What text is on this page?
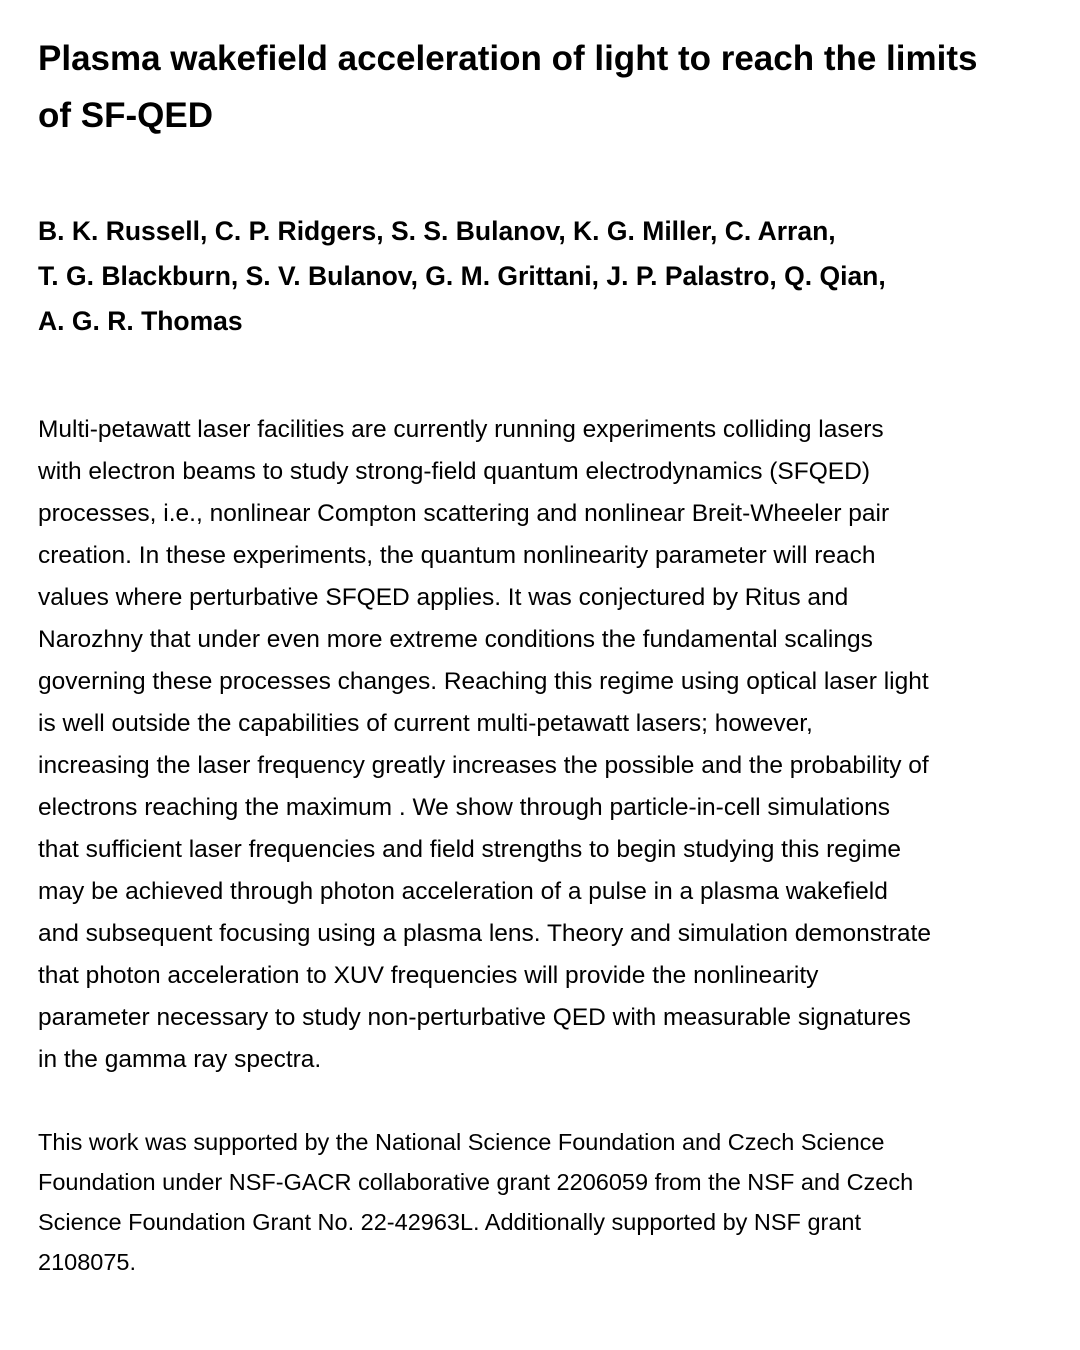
Plasma wakefield acceleration of light to reach the limits
of SF-QED
B. K. Russell, C. P. Ridgers, S. S. Bulanov, K. G. Miller, C. Arran,
T. G. Blackburn, S. V. Bulanov, G. M. Grittani, J. P. Palastro, Q. Qian,
A. G. R. Thomas

Multi-petawatt laser facilities are currently running experiments colliding lasers
with electron beams to study strong-field quantum electrodynamics (SFQED)
processes, i.e., nonlinear Compton scattering and nonlinear Breit-Wheeler pair
creation. In these experiments, the quantum nonlinearity parameter will reach
values where perturbative SFQED applies. It was conjectured by Ritus and
Narozhny that under even more extreme conditions the fundamental scalings
governing these processes changes. Reaching this regime using optical laser light
is well outside the capabilities of current multi-petawatt lasers; however,
increasing the laser frequency greatly increases the possible and the probability of
electrons reaching the maximum . We show through particle-in-cell simulations
that sufficient laser frequencies and field strengths to begin studying this regime
may be achieved through photon acceleration of a pulse in a plasma wakefield
and subsequent focusing using a plasma lens. Theory and simulation demonstrate
that photon acceleration to XUV frequencies will provide the nonlinearity
parameter necessary to study non-perturbative QED with measurable signatures
in the gamma ray spectra.

This work was supported by the National Science Foundation and Czech Science
Foundation under NSF-GACR collaborative grant 2206059 from the NSF and Czech
Science Foundation Grant No. 22-42963L. Additionally supported by NSF grant
2108075.
